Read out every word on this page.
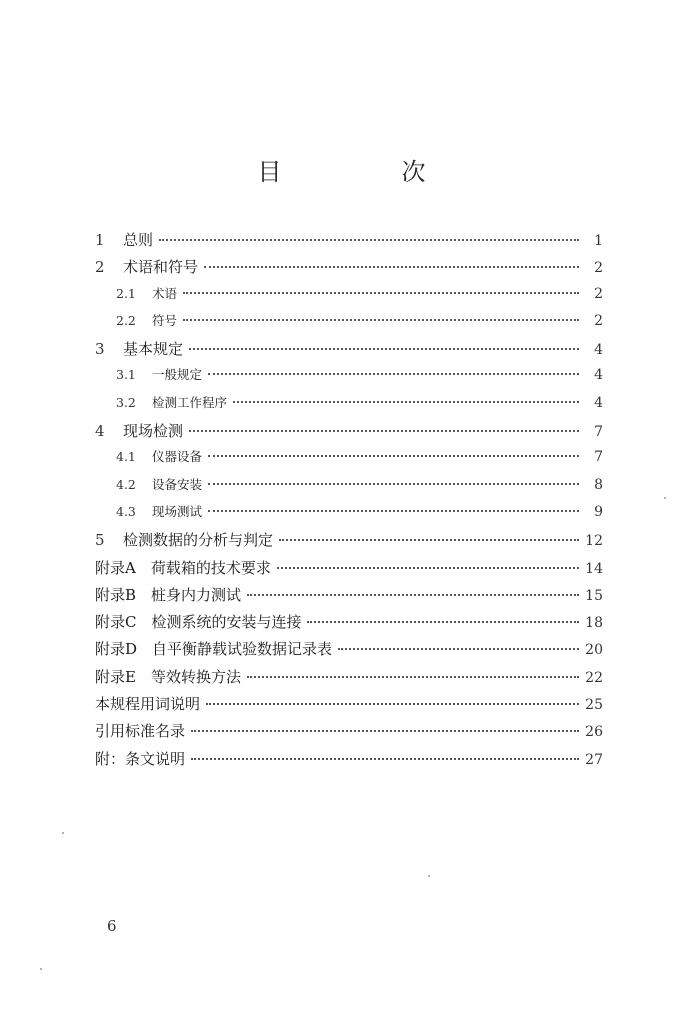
目　次
1	总则	1
2	术语和符号	2
2.1	术语	2
2.2	符号	2
3	基本规定	4
3.1	一般规定	4
3.2	检测工作程序	4
4	现场检测	7
4.1	仪器设备	7
4.2	设备安装	8
4.3	现场测试	9
5	检测数据的分析与判定	12
附录A　荷载箱的技术要求	14
附录B　桩身内力测试	15
附录C　检测系统的安装与连接	18
附录D　自平衡静载试验数据记录表	20
附录E　等效转换方法	22
本规程用词说明	25
引用标准名录	26
附：条文说明	27
6
